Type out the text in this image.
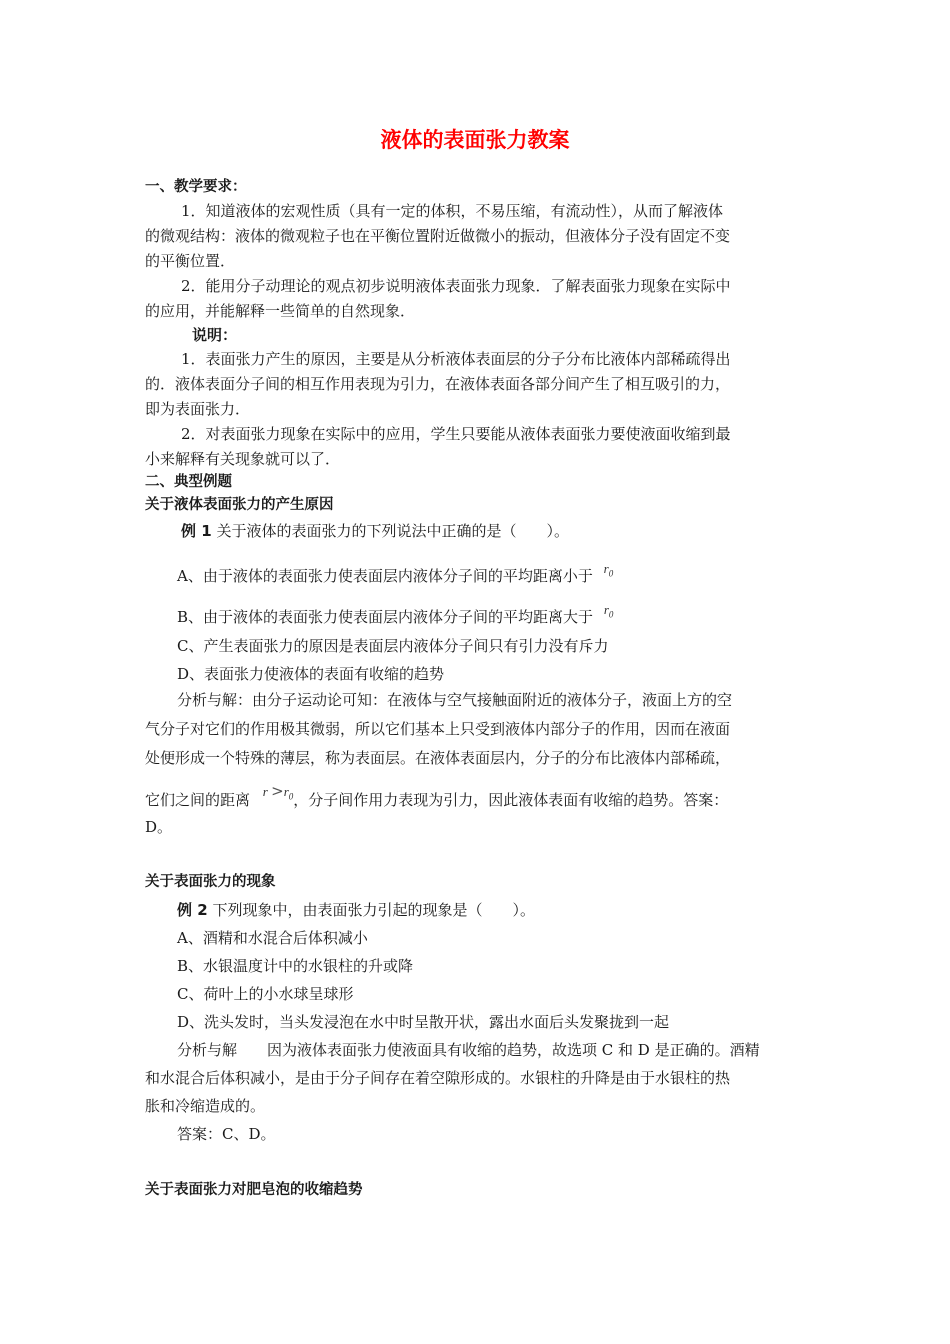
液体的表面张力教案
一、教学要求：
1．知道液体的宏观性质（具有一定的体积，不易压缩，有流动性），从而了解液体
的微观结构：液体的微观粒子也在平衡位置附近做微小的振动，但液体分子没有固定不变
的平衡位置．
2．能用分子动理论的观点初步说明液体表面张力现象．了解表面张力现象在实际中
的应用，并能解释一些简单的自然现象．
说明：
1．表面张力产生的原因，主要是从分析液体表面层的分子分布比液体内部稀疏得出
的．液体表面分子间的相互作用表现为引力，在液体表面各部分间产生了相互吸引的力，
即为表面张力．
2．对表面张力现象在实际中的应用，学生只要能从液体表面张力要使液面收缩到最
小来解释有关现象就可以了．
二、典型例题
关于液体表面张力的产生原因
例 1 关于液体的表面张力的下列说法中正确的是（　　）。
A、由于液体的表面张力使表面层内液体分子间的平均距离小于 $r_0$
B、由于液体的表面张力使表面层内液体分子间的平均距离大于 $r_0$
C、产生表面张力的原因是表面层内液体分子间只有引力没有斥力
D、表面张力使液体的表面有收缩的趋势
分析与解：由分子运动论可知：在液体与空气接触面附近的液体分子，液面上方的空
气分子对它们的作用极其微弱，所以它们基本上只受到液体内部分子的作用，因而在液面
处便形成一个特殊的薄层，称为表面层。在液体表面层内，分子的分布比液体内部稀疏，
它们之间的距离 $r >r_0$，分子间作用力表现为引力，因此液体表面有收缩的趋势。答案：
D。
关于表面张力的现象
例 2 下列现象中，由表面张力引起的现象是（　　）。
A、酒精和水混合后体积减小
B、水银温度计中的水银柱的升或降
C、荷叶上的小水球呈球形
D、洗头发时，当头发浸泡在水中时呈散开状，露出水面后头发聚拢到一起
分析与解　　因为液体表面张力使液面具有收缩的趋势，故选项 C 和 D 是正确的。酒精
和水混合后体积减小，是由于分子间存在着空隙形成的。水银柱的升降是由于水银柱的热
胀和冷缩造成的。
答案：C、D。
关于表面张力对肥皂泡的收缩趋势
